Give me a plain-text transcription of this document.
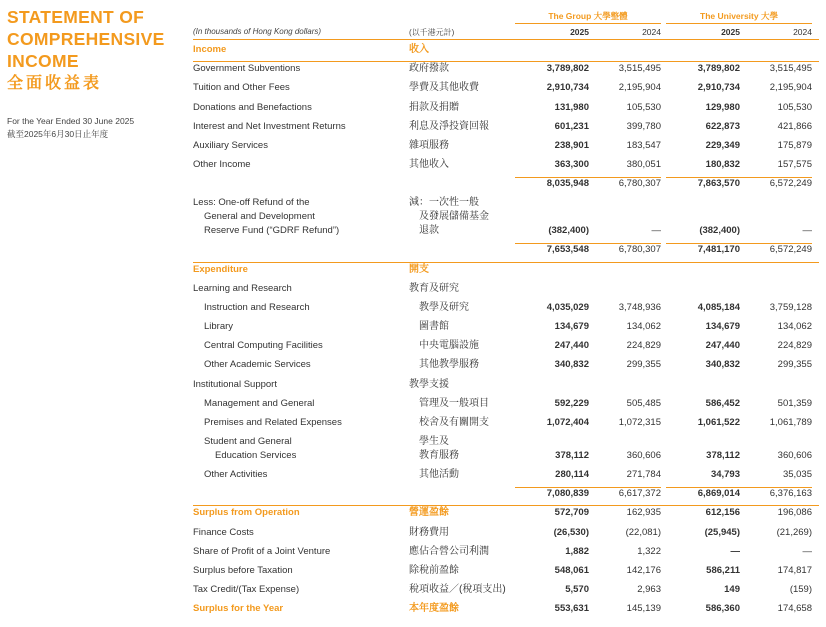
STATEMENT OF
COMPREHENSIVE
INCOME
全面收益表
For the Year Ended 30 June 2025
截至2025年6月30日止年度
The Group 大學整體	The University 大學
(In thousands of Hong Kong dollars)	(以千港元計)	2025	2024	2025	2024
Income	收入
Government Subventions	政府撥款	3,789,802	3,515,495	3,789,802	3,515,495
Tuition and Other Fees	學費及其他收費	2,910,734	2,195,904	2,910,734	2,195,904
Donations and Benefactions	捐款及捐贈	131,980	105,530	129,980	105,530
Interest and Net Investment Returns	利息及淨投資回報	601,231	399,780	622,873	421,866
Auxiliary Services	雜項服務	238,901	183,547	229,349	175,879
Other Income	其他收入	363,300	380,051	180,832	157,575
8,035,948	6,780,307	7,863,570	6,572,249
Less: One-off Refund of the	減：一次性一般
General and Development	及發展儲備基金
Reserve Fund (“GDRF Refund”)	退款	(382,400)	—	(382,400)	—
7,653,548	6,780,307	7,481,170	6,572,249
Expenditure	開支
Learning and Research	教育及研究
Instruction and Research	教學及研究	4,035,029	3,748,936	4,085,184	3,759,128
Library	圖書館	134,679	134,062	134,679	134,062
Central Computing Facilities	中央電腦設施	247,440	224,829	247,440	224,829
Other Academic Services	其他教學服務	340,832	299,355	340,832	299,355
Institutional Support	教學支援
Management and General	管理及一般項目	592,229	505,485	586,452	501,359
Premises and Related Expenses	校舍及有關開支	1,072,404	1,072,315	1,061,522	1,061,789
Student and General	學生及
Education Services	教育服務	378,112	360,606	378,112	360,606
Other Activities	其他活動	280,114	271,784	34,793	35,035
7,080,839	6,617,372	6,869,014	6,376,163
Surplus from Operation	營運盈餘	572,709	162,935	612,156	196,086
Finance Costs	財務費用	(26,530)	(22,081)	(25,945)	(21,269)
Share of Profit of a Joint Venture	應佔合營公司利潤	1,882	1,322	—	—
Surplus before Taxation	除稅前盈餘	548,061	142,176	586,211	174,817
Tax Credit/(Tax Expense)	稅項收益／(稅項支出)	5,570	2,963	149	(159)
Surplus for the Year	本年度盈餘	553,631	145,139	586,360	174,658
